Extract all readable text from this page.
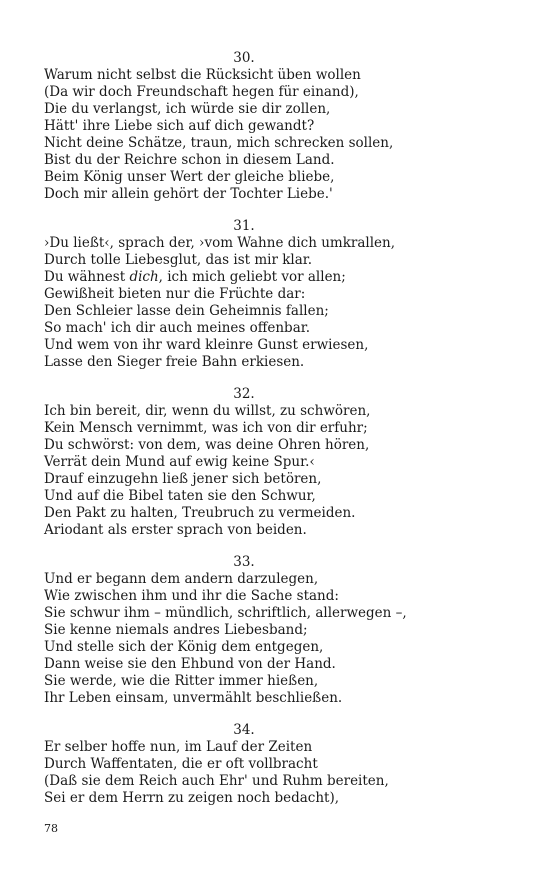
30.
Warum nicht selbst die Rücksicht üben wollen
(Da wir doch Freundschaft hegen für einand),
Die du verlangst, ich würde sie dir zollen,
Hätt' ihre Liebe sich auf dich gewandt?
Nicht deine Schätze, traun, mich schrecken sollen,
Bist du der Reichre schon in diesem Land.
Beim König unser Wert der gleiche bliebe,
Doch mir allein gehört der Tochter Liebe.'
31.
›Du ließt‹, sprach der, ›vom Wahne dich umkrallen,
Durch tolle Liebesglut, das ist mir klar.
Du wähnest dich, ich mich geliebt vor allen;
Gewißheit bieten nur die Früchte dar:
Den Schleier lasse dein Geheimnis fallen;
So mach' ich dir auch meines offenbar.
Und wem von ihr ward kleinre Gunst erwiesen,
Lasse den Sieger freie Bahn erkiesen.
32.
Ich bin bereit, dir, wenn du willst, zu schwören,
Kein Mensch vernimmt, was ich von dir erfuhr;
Du schwörst: von dem, was deine Ohren hören,
Verrät dein Mund auf ewig keine Spur.‹
Drauf einzugehn ließ jener sich betören,
Und auf die Bibel taten sie den Schwur,
Den Pakt zu halten, Treubruch zu vermeiden.
Ariodant als erster sprach von beiden.
33.
Und er begann dem andern darzulegen,
Wie zwischen ihm und ihr die Sache stand:
Sie schwur ihm – mündlich, schriftlich, allerwegen –,
Sie kenne niemals andres Liebesband;
Und stelle sich der König dem entgegen,
Dann weise sie den Ehbund von der Hand.
Sie werde, wie die Ritter immer hießen,
Ihr Leben einsam, unvermählt beschließen.
34.
Er selber hoffe nun, im Lauf der Zeiten
Durch Waffentaten, die er oft vollbracht
(Daß sie dem Reich auch Ehr' und Ruhm bereiten,
Sei er dem Herrn zu zeigen noch bedacht),
78
